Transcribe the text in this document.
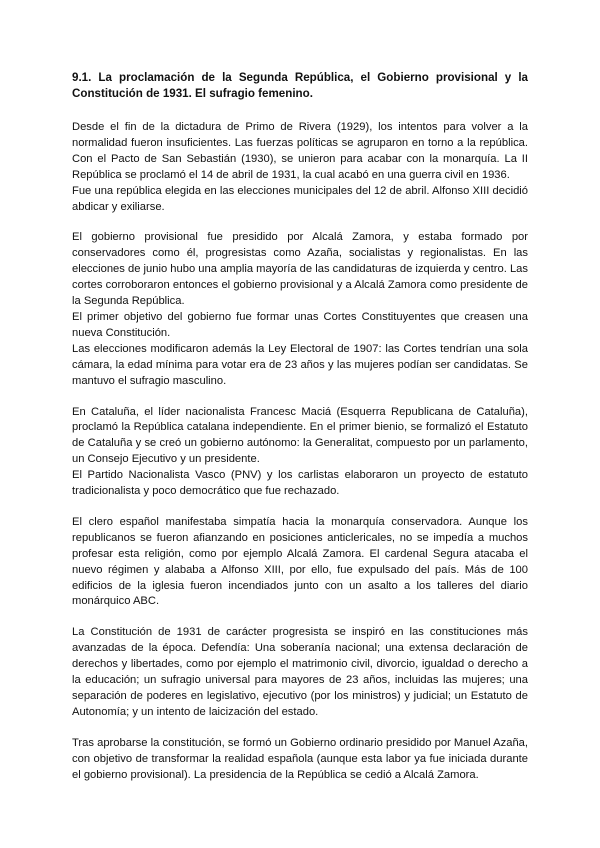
9.1. La proclamación de la Segunda República, el Gobierno provisional y la Constitución de 1931. El sufragio femenino.
Desde el fin de la dictadura de Primo de Rivera (1929), los intentos para volver a la normalidad fueron insuficientes. Las fuerzas políticas se agruparon en torno a la república. Con el Pacto de San Sebastián (1930), se unieron para acabar con la monarquía. La II República se proclamó el 14 de abril de 1931, la cual acabó en una guerra civil en 1936.
Fue una república elegida en las elecciones municipales del 12 de abril. Alfonso XIII decidió abdicar y exiliarse.
El gobierno provisional fue presidido por Alcalá Zamora, y estaba formado por conservadores como él, progresistas como Azaña, socialistas y regionalistas. En las elecciones de junio hubo una amplia mayoría de las candidaturas de izquierda y centro. Las cortes corroboraron entonces el gobierno provisional y a Alcalá Zamora como presidente de la Segunda República.
El primer objetivo del gobierno fue formar unas Cortes Constituyentes que creasen una nueva Constitución.
Las elecciones modificaron además la Ley Electoral de 1907: las Cortes tendrían una sola cámara, la edad mínima para votar era de 23 años y las mujeres podían ser candidatas. Se mantuvo el sufragio masculino.
En Cataluña, el líder nacionalista Francesc Maciá (Esquerra Republicana de Cataluña), proclamó la República catalana independiente. En el primer bienio, se formalizó el Estatuto de Cataluña y se creó un gobierno autónomo: la Generalitat, compuesto por un parlamento, un Consejo Ejecutivo y un presidente.
El Partido Nacionalista Vasco (PNV) y los carlistas elaboraron un proyecto de estatuto tradicionalista y poco democrático que fue rechazado.
El clero español manifestaba simpatía hacia la monarquía conservadora. Aunque los republicanos se fueron afianzando en posiciones anticlericales, no se impedía a muchos profesar esta religión, como por ejemplo Alcalá Zamora. El cardenal Segura atacaba el nuevo régimen y alababa a Alfonso XIII, por ello, fue expulsado del país. Más de 100 edificios de la iglesia fueron incendiados junto con un asalto a los talleres del diario monárquico ABC.
La Constitución de 1931 de carácter progresista se inspiró en las constituciones más avanzadas de la época. Defendía: Una soberanía nacional; una extensa declaración de derechos y libertades, como por ejemplo el matrimonio civil, divorcio, igualdad o derecho a la educación; un sufragio universal para mayores de 23 años, incluidas las mujeres; una separación de poderes en legislativo, ejecutivo (por los ministros) y judicial; un Estatuto de Autonomía; y un intento de laicización del estado.
Tras aprobarse la constitución, se formó un Gobierno ordinario presidido por Manuel Azaña, con objetivo de transformar la realidad española (aunque esta labor ya fue iniciada durante el gobierno provisional). La presidencia de la República se cedió a Alcalá Zamora.
